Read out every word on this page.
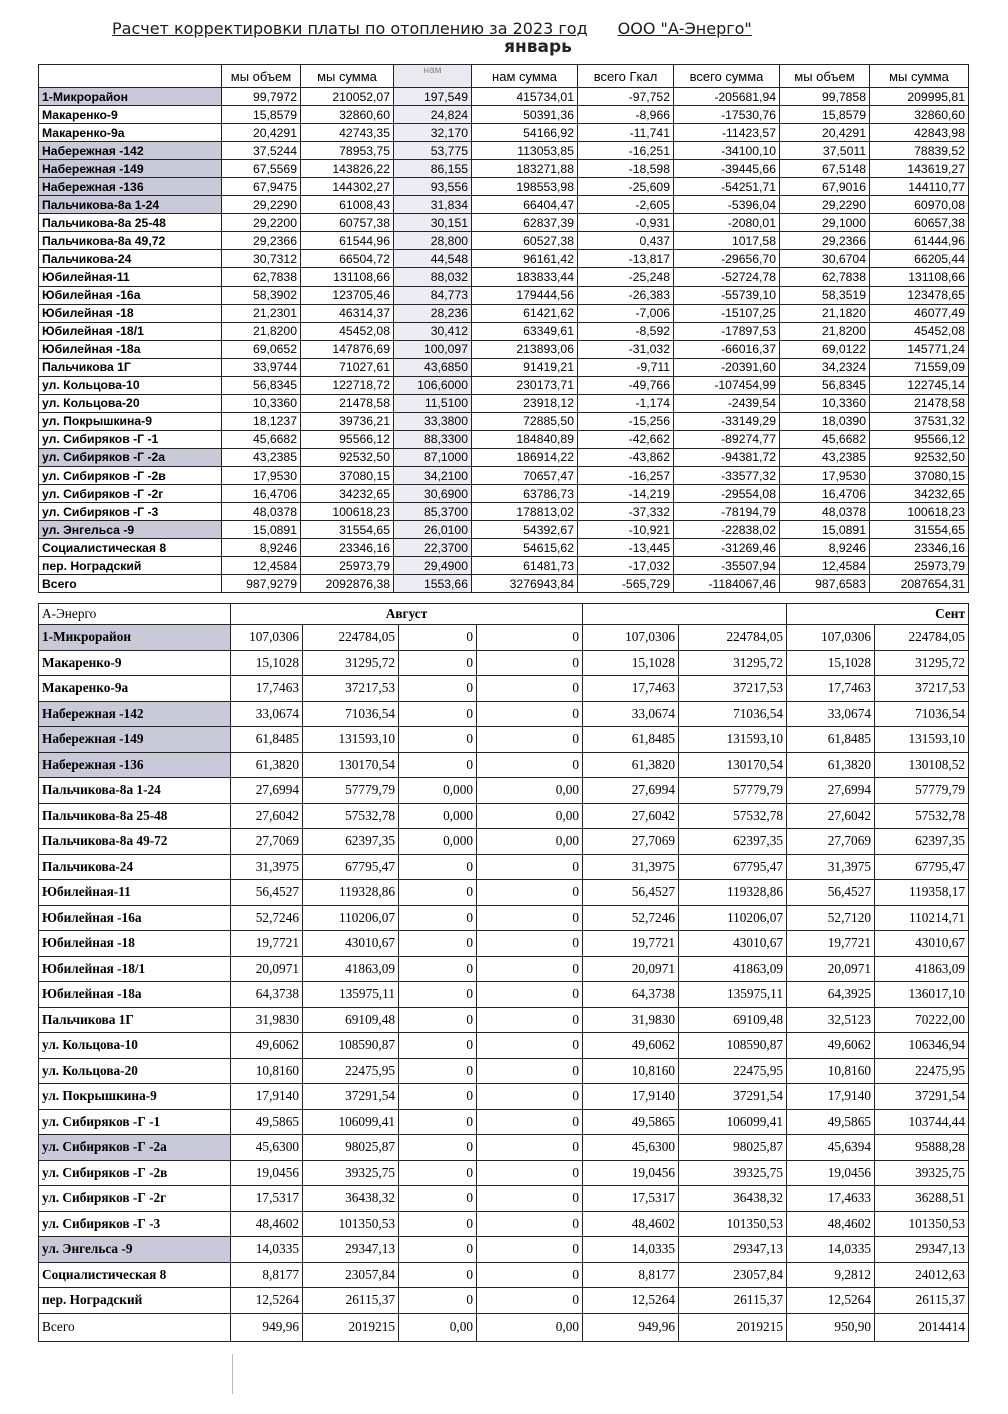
Расчет корректировки платы по отоплению за 2023 год ООО "А-Энерго"
январь
	мы объем	мы сумма	нам	нам сумма	всего Гкал	всего сумма	мы объем	мы сумма
1-Микрорайон	99,7972	210052,07	197,549	415734,01	-97,752	-205681,94	99,7858	209995,81
Макаренко-9	15,8579	32860,60	24,824	50391,36	-8,966	-17530,76	15,8579	32860,60
Макаренко-9а	20,4291	42743,35	32,170	54166,92	-11,741	-11423,57	20,4291	42843,98
Набережная -142	37,5244	78953,75	53,775	113053,85	-16,251	-34100,10	37,5011	78839,52
Набережная -149	67,5569	143826,22	86,155	183271,88	-18,598	-39445,66	67,5148	143619,27
Набережная -136	67,9475	144302,27	93,556	198553,98	-25,609	-54251,71	67,9016	144110,77
Пальчикова-8а 1-24	29,2290	61008,43	31,834	66404,47	-2,605	-5396,04	29,2290	60970,08
Пальчикова-8а 25-48	29,2200	60757,38	30,151	62837,39	-0,931	-2080,01	29,1000	60657,38
Пальчикова-8а 49,72	29,2366	61544,96	28,800	60527,38	0,437	1017,58	29,2366	61444,96
Пальчикова-24	30,7312	66504,72	44,548	96161,42	-13,817	-29656,70	30,6704	66205,44
Юбилейная-11	62,7838	131108,66	88,032	183833,44	-25,248	-52724,78	62,7838	131108,66
Юбилейная -16а	58,3902	123705,46	84,773	179444,56	-26,383	-55739,10	58,3519	123478,65
Юбилейная -18	21,2301	46314,37	28,236	61421,62	-7,006	-15107,25	21,1820	46077,49
Юбилейная -18/1	21,8200	45452,08	30,412	63349,61	-8,592	-17897,53	21,8200	45452,08
Юбилейная -18а	69,0652	147876,69	100,097	213893,06	-31,032	-66016,37	69,0122	145771,24
Пальчикова 1Г	33,9744	71027,61	43,6850	91419,21	-9,711	-20391,60	34,2324	71559,09
ул. Кольцова-10	56,8345	122718,72	106,6000	230173,71	-49,766	-107454,99	56,8345	122745,14
ул. Кольцова-20	10,3360	21478,58	11,5100	23918,12	-1,174	-2439,54	10,3360	21478,58
ул. Покрышкина-9	18,1237	39736,21	33,3800	72885,50	-15,256	-33149,29	18,0390	37531,32
ул. Сибиряков -Г -1	45,6682	95566,12	88,3300	184840,89	-42,662	-89274,77	45,6682	95566,12
ул. Сибиряков -Г -2а	43,2385	92532,50	87,1000	186914,22	-43,862	-94381,72	43,2385	92532,50
ул. Сибиряков -Г -2в	17,9530	37080,15	34,2100	70657,47	-16,257	-33577,32	17,9530	37080,15
ул. Сибиряков -Г -2г	16,4706	34232,65	30,6900	63786,73	-14,219	-29554,08	16,4706	34232,65
ул. Сибиряков -Г -3	48,0378	100618,23	85,3700	178813,02	-37,332	-78194,79	48,0378	100618,23
ул. Энгельса -9	15,0891	31554,65	26,0100	54392,67	-10,921	-22838,02	15,0891	31554,65
Социалистическая 8	8,9246	23346,16	22,3700	54615,62	-13,445	-31269,46	8,9246	23346,16
пер. Ноградский	12,4584	25973,79	29,4900	61481,73	-17,032	-35507,94	12,4584	25973,79
Всего	987,9279	2092876,38	1553,66	3276943,84	-565,729	-1184067,46	987,6583	2087654,31
А-Энерго	Август						Сент	
1-Микрорайон	107,0306	224784,05	0	0	107,0306	224784,05	107,0306	224784,05
Макаренко-9	15,1028	31295,72	0	0	15,1028	31295,72	15,1028	31295,72
Макаренко-9а	17,7463	37217,53	0	0	17,7463	37217,53	17,7463	37217,53
Набережная -142	33,0674	71036,54	0	0	33,0674	71036,54	33,0674	71036,54
Набережная -149	61,8485	131593,10	0	0	61,8485	131593,10	61,8485	131593,10
Набережная -136	61,3820	130170,54	0	0	61,3820	130170,54	61,3820	130108,52
Пальчикова-8а 1-24	27,6994	57779,79	0,000	0,00	27,6994	57779,79	27,6994	57779,79
Пальчикова-8а 25-48	27,6042	57532,78	0,000	0,00	27,6042	57532,78	27,6042	57532,78
Пальчикова-8а 49-72	27,7069	62397,35	0,000	0,00	27,7069	62397,35	27,7069	62397,35
Пальчикова-24	31,3975	67795,47	0	0	31,3975	67795,47	31,3975	67795,47
Юбилейная-11	56,4527	119328,86	0	0	56,4527	119328,86	56,4527	119358,17
Юбилейная -16а	52,7246	110206,07	0	0	52,7246	110206,07	52,7120	110214,71
Юбилейная -18	19,7721	43010,67	0	0	19,7721	43010,67	19,7721	43010,67
Юбилейная -18/1	20,0971	41863,09	0	0	20,0971	41863,09	20,0971	41863,09
Юбилейная -18а	64,3738	135975,11	0	0	64,3738	135975,11	64,3925	136017,10
Пальчикова 1Г	31,9830	69109,48	0	0	31,9830	69109,48	32,5123	70222,00
ул. Кольцова-10	49,6062	108590,87	0	0	49,6062	108590,87	49,6062	106346,94
ул. Кольцова-20	10,8160	22475,95	0	0	10,8160	22475,95	10,8160	22475,95
ул. Покрышкина-9	17,9140	37291,54	0	0	17,9140	37291,54	17,9140	37291,54
ул. Сибиряков -Г -1	49,5865	106099,41	0	0	49,5865	106099,41	49,5865	103744,44
ул. Сибиряков -Г -2а	45,6300	98025,87	0	0	45,6300	98025,87	45,6394	95888,28
ул. Сибиряков -Г -2в	19,0456	39325,75	0	0	19,0456	39325,75	19,0456	39325,75
ул. Сибиряков -Г -2г	17,5317	36438,32	0	0	17,5317	36438,32	17,4633	36288,51
ул. Сибиряков -Г -3	48,4602	101350,53	0	0	48,4602	101350,53	48,4602	101350,53
ул. Энгельса -9	14,0335	29347,13	0	0	14,0335	29347,13	14,0335	29347,13
Социалистическая 8	8,8177	23057,84	0	0	8,8177	23057,84	9,2812	24012,63
пер. Ноградский	12,5264	26115,37	0	0	12,5264	26115,37	12,5264	26115,37
Всего	949,96	2019215	0,00	0,00	949,96	2019215	950,90	2014414
